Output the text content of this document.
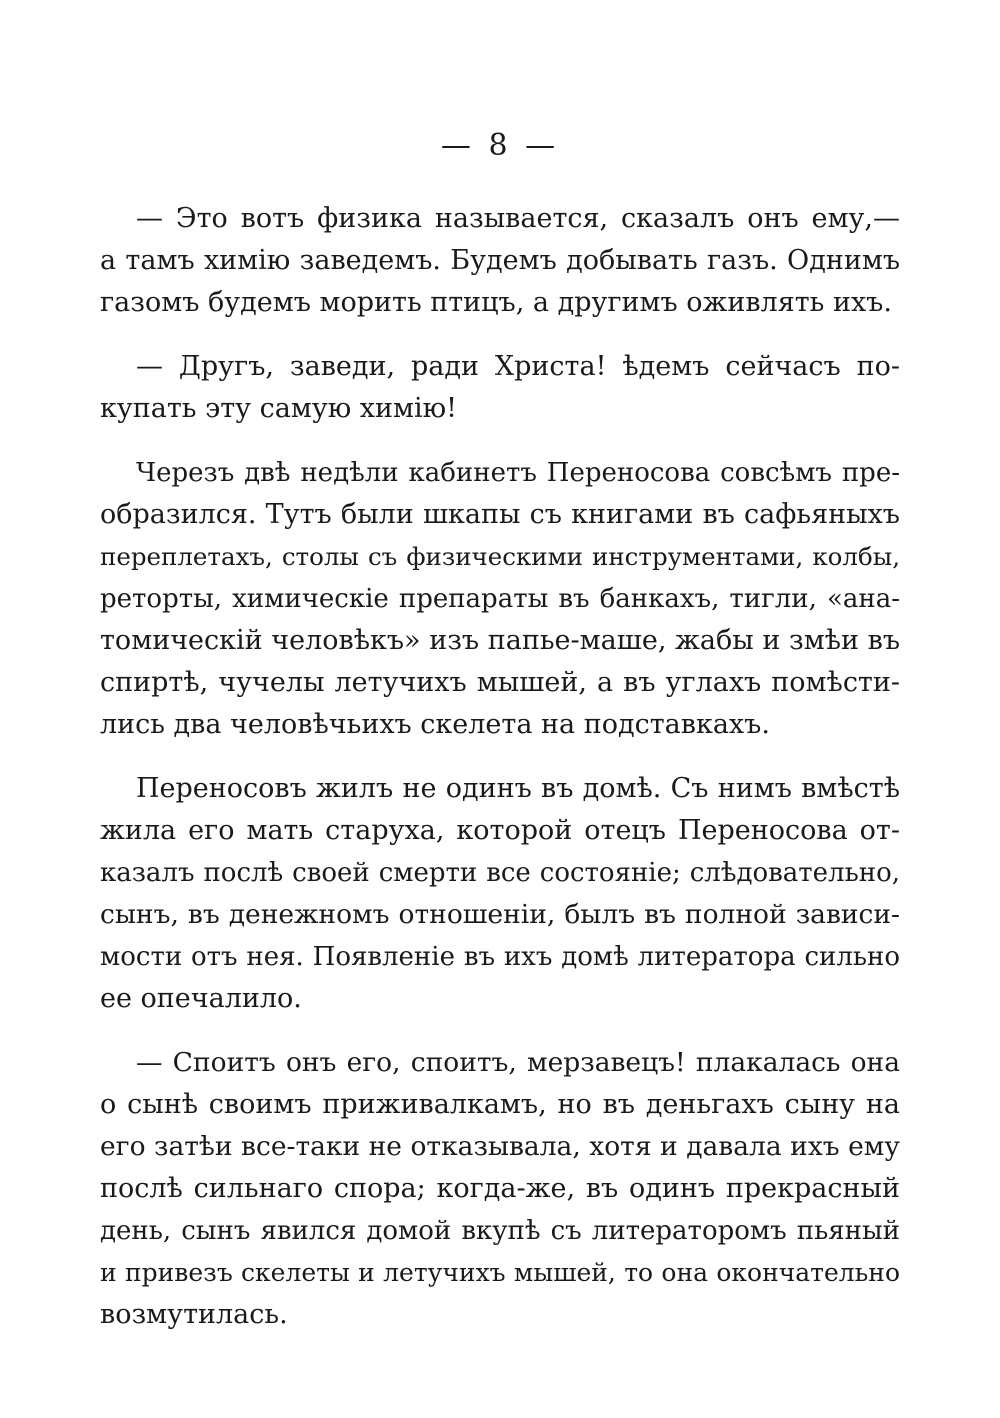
— 8 —
— Это вотъ физика называется, сказалъ онъ ему,—
а тамъ химію заведемъ. Будемъ добывать газъ. Однимъ
газомъ будемъ морить птицъ, а другимъ оживлять ихъ.
— Другъ, заведи, ради Христа! ѣдемъ сейчасъ по-
купать эту самую химію!
Черезъ двѣ недѣли кабинетъ Переносова совсѣмъ пре-
образился. Тутъ были шкапы съ книгами въ сафьяныхъ
переплетахъ, столы съ физическими инструментами, колбы,
реторты, химическіе препараты въ банкахъ, тигли, «ана-
томическій человѣкъ» изъ папье-маше, жабы и змѣи въ
спиртѣ, чучелы летучихъ мышей, а въ углахъ помѣсти-
лись два человѣчьихъ скелета на подставкахъ.
Переносовъ жилъ не одинъ въ домѣ. Съ нимъ вмѣстѣ
жила его мать старуха, которой отецъ Переносова от-
казалъ послѣ своей смерти все состояніе; слѣдовательно,
сынъ, въ денежномъ отношеніи, былъ въ полной зависи-
мости отъ нея. Появленіе въ ихъ домѣ литератора сильно
ее опечалило.
— Споитъ онъ его, споитъ, мерзавецъ! плакалась она
о сынѣ своимъ приживалкамъ, но въ деньгахъ сыну на
его затѣи все-таки не отказывала, хотя и давала ихъ ему
послѣ сильнаго спора; когда-же, въ одинъ прекрасный
день, сынъ явился домой вкупѣ съ литераторомъ пьяный
и привезъ скелеты и летучихъ мышей, то она окончательно
возмутилась.
